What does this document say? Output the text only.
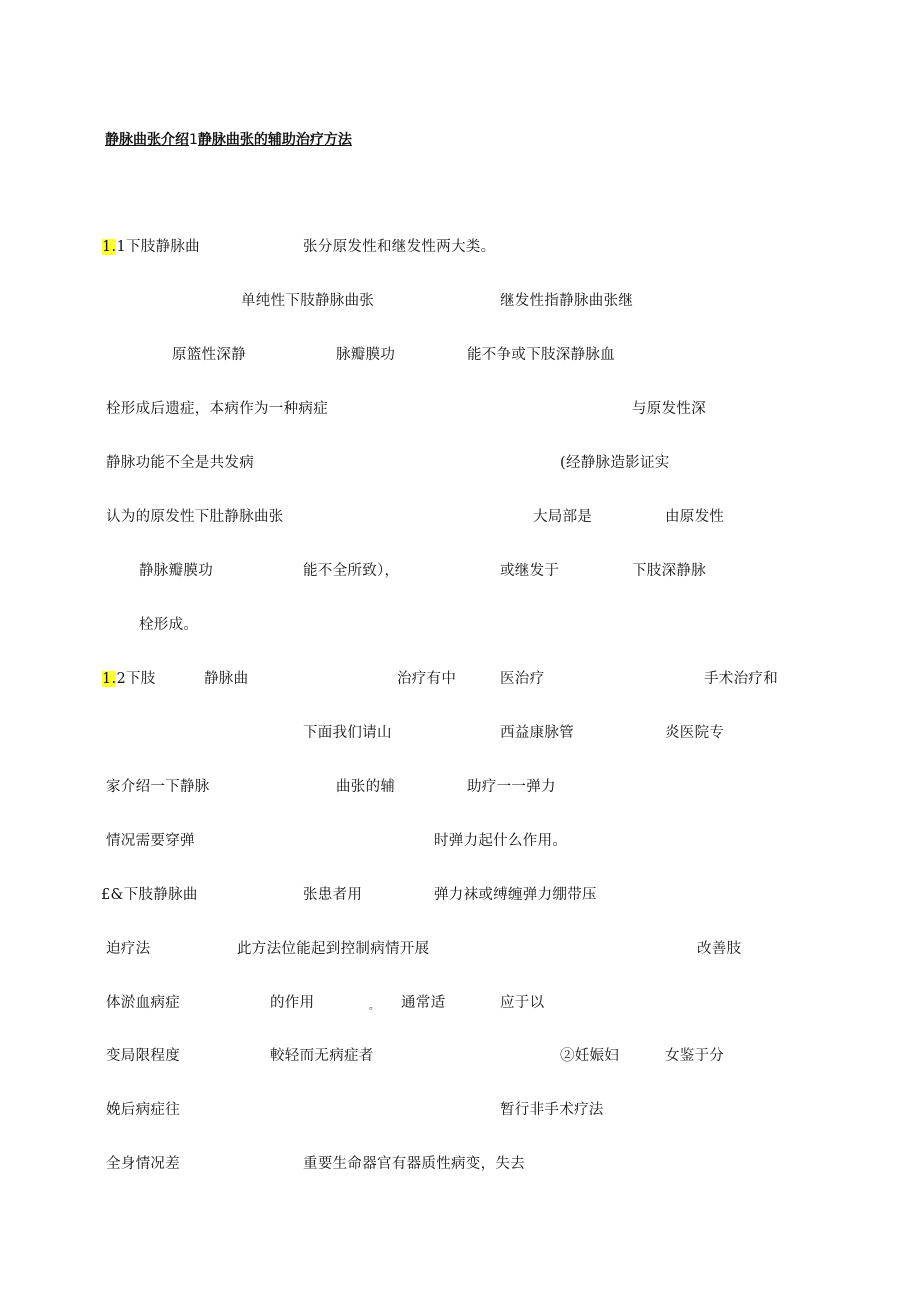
静脉曲张介绍1静脉曲张的辅助治疗方法
1.1下肢静脉曲	张分原发性和继发性两大类。
单纯性下肢静脉曲张	继发性指静脉曲张继
原篮性深静	脉瓣膜功	能不争或下肢深静脉血
栓形成后遗症，本病作为一种病症	与原发性深
静脉功能不全是共发病	(经静脉造影证实
认为的原发性下肚静脉曲张	大局部是	由原发性
静脉瓣膜功	能不全所致），	或继发于	下肢深静脉
栓形成。
1.2下肢	静脉曲	治疗有中	医治疗	手术治疗和
下面我们请山	西益康脉管	炎医院专
家介绍一下静脉	曲张的辅	助疗一一弹力
情况需要穿弹	时弹力起什么作用。
£&下肢静脉曲	张患者用	弹力袜或缚缠弹力绷带压
迫疗法	此方法位能起到控制病情开展	改善肢
体淤血病症	的作用	。 通常适	应于以
变局限程度	較轻而无病症者	②妊娠妇	女鉴于分
娩后病症往	暂行非手术疗法
全身情况差	重要生命器官有器质性病变，失去
